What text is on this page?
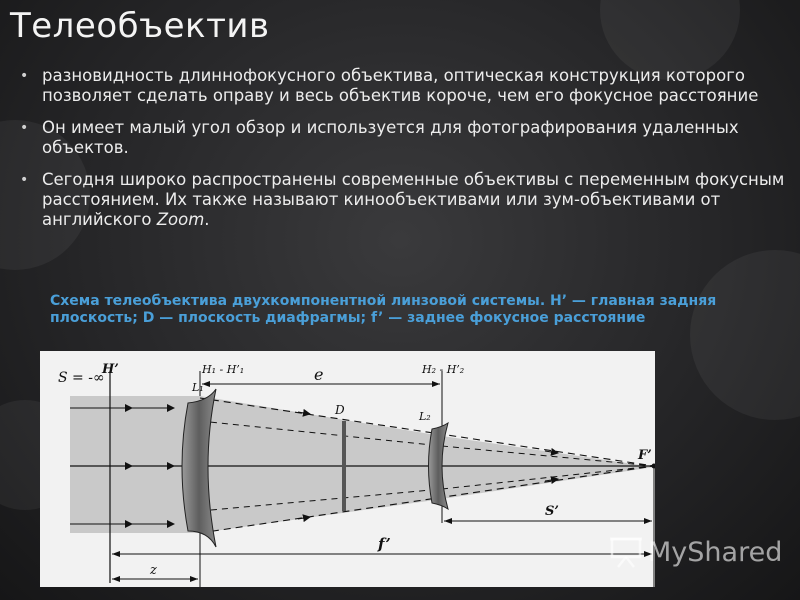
Телеобъектив
• разновидность длиннофокусного объектива, оптическая конструкция которого позволяет сделать оправу и весь объектив короче, чем его фокусное расстояние
• Он имеет малый угол обзор и используется для фотографирования удаленных объектов.
• Сегодня широко распространены современные объективы с переменным фокусным расстоянием. Их также называют кинообъективами или зум-объективами от английского Zoom.
Схема телеобъектива двухкомпонентной линзовой системы. H’ — главная задняя плоскость; D — плоскость диафрагмы; f’ — заднее фокусное расстояние
S = -∞
H’	H₁ - H’₁
L₁
e	H₂ - H’₂
D	L₂
F’
S’
f’
z
MyShared
